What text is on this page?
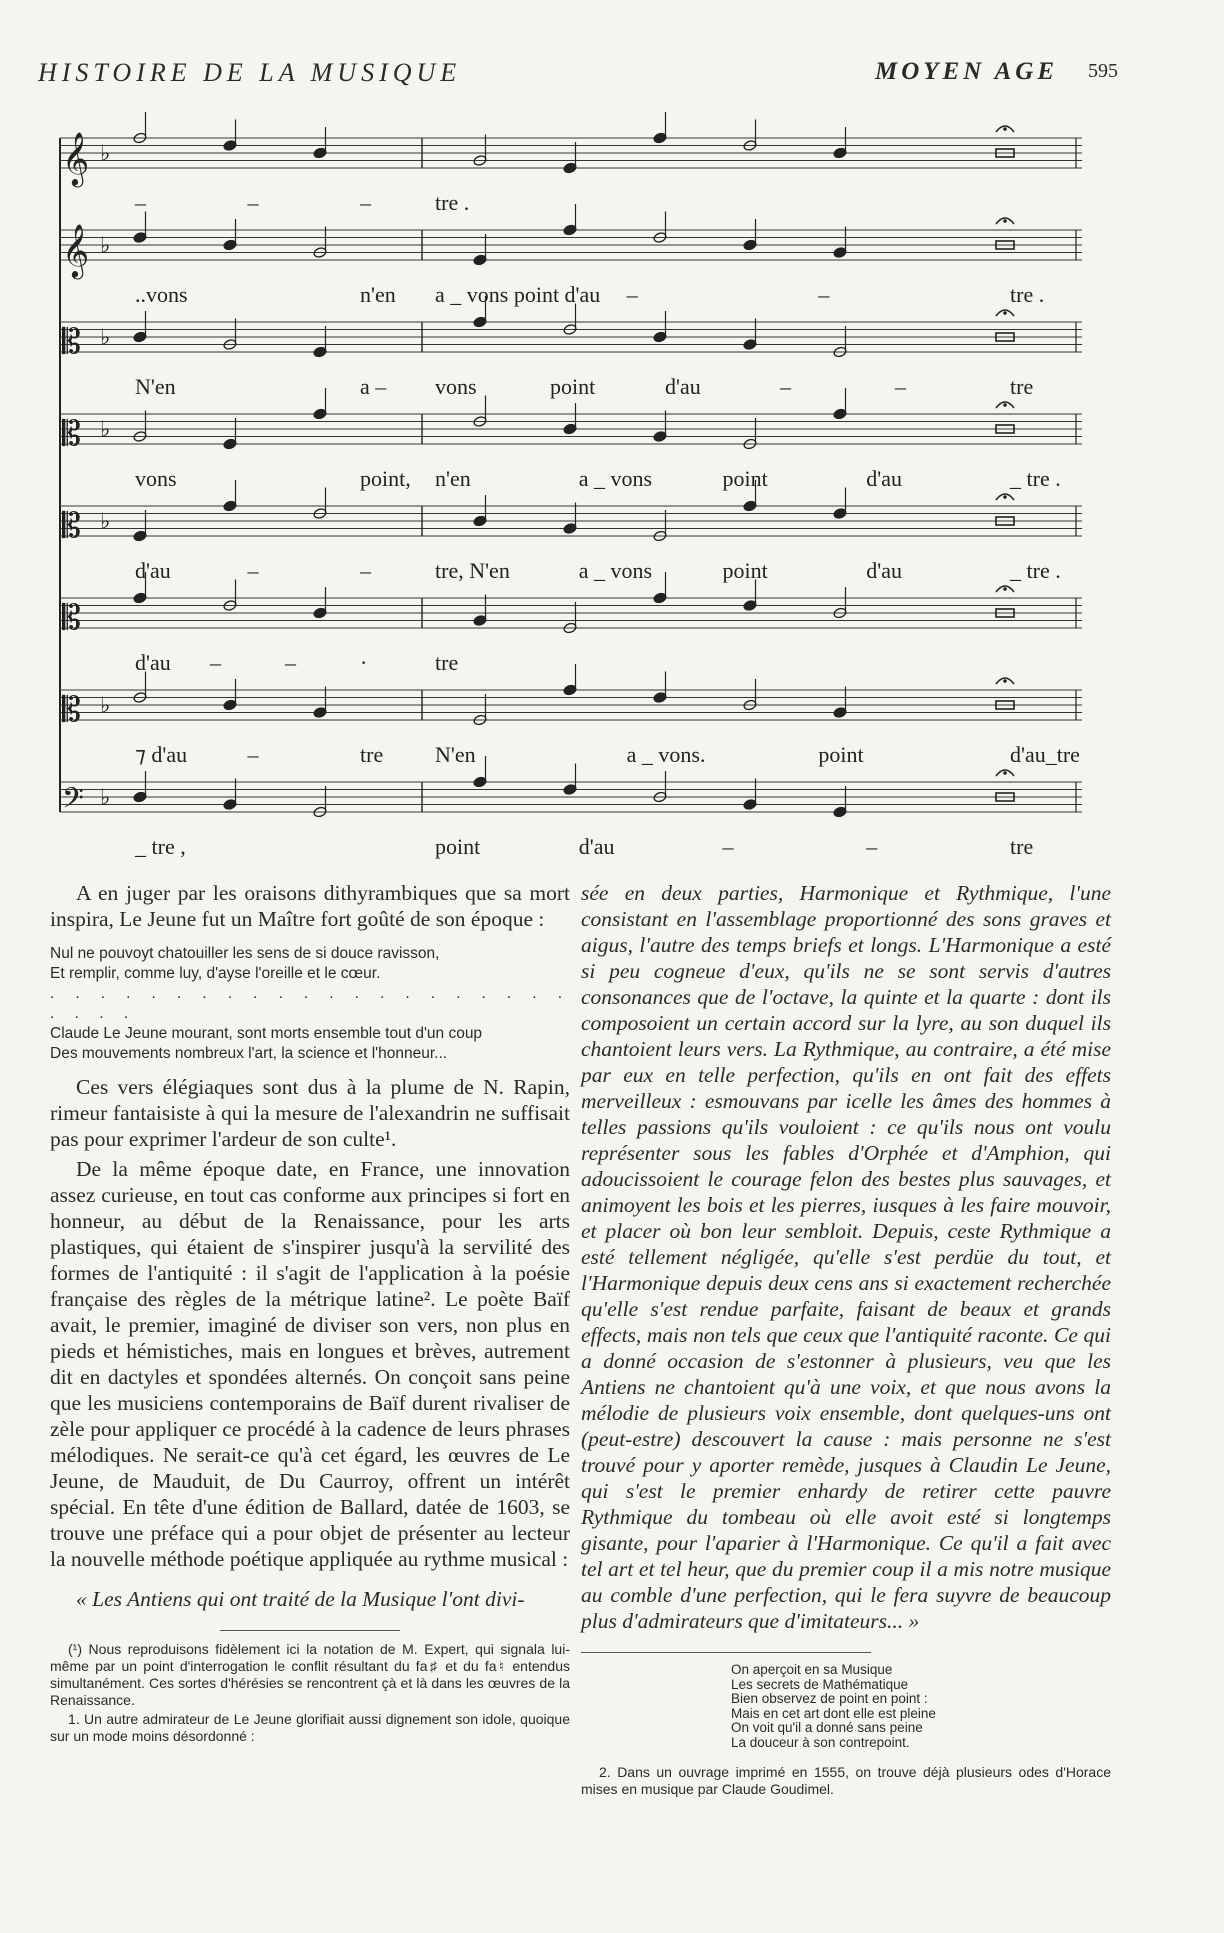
HISTOIRE DE LA MUSIQUE	MOYEN AGE 595
𝄞 ♭
–	–	–	tre .
𝄞 ♭
..vons	n'en a _ vons point d'au –	–	tre .
𝄡 ♭
N'en	a – vons	point	d'au	–	–	tre
𝄡 ♭
vons	point, n'en	a _ vons	point	d'au	_ tre .
𝄡 ♭
d'au	–	–	tre, N'en	a _ vons	point	d'au	_ tre .
𝄡
d'au –	–	·	tre
𝄡 ♭
⁊ d'au	–	tre N'en	a _ vons.	point	d'au_tre
𝄢 ♭
_ tre ,	point	d'au	–	–	tre

A en juger par les oraisons dithyrambiques que sa mort inspira, Le Jeune fut un Maître fort goûté de son époque :

Nul ne pouvoyt chatouiller les sens de si douce ravisson,
Et remplir, comme luy, d'ayse l'oreille et le cœur.
. . . . . . . . . . . . . . . . . . . . . . . . .
Claude Le Jeune mourant, sont morts ensemble tout d'un coup
Des mouvements nombreux l'art, la science et l'honneur...

Ces vers élégiaques sont dus à la plume de N. Rapin, rimeur fantaisiste à qui la mesure de l'alexandrin ne suffisait pas pour exprimer l'ardeur de son culte¹.

De la même époque date, en France, une innovation assez curieuse, en tout cas conforme aux principes si fort en honneur, au début de la Renaissance, pour les arts plastiques, qui étaient de s'inspirer jusqu'à la servilité des formes de l'antiquité : il s'agit de l'application à la poésie française des règles de la métrique latine². Le poète Baïf avait, le premier, imaginé de diviser son vers, non plus en pieds et hémistiches, mais en longues et brèves, autrement dit en dactyles et spondées alternés. On conçoit sans peine que les musiciens contemporains de Baïf durent rivaliser de zèle pour appliquer ce procédé à la cadence de leurs phrases mélodiques. Ne serait-ce qu'à cet égard, les œuvres de Le Jeune, de Mauduit, de Du Caurroy, offrent un intérêt spécial. En tête d'une édition de Ballard, datée de 1603, se trouve une préface qui a pour objet de présenter au lecteur la nouvelle méthode poétique appliquée au rythme musical :

« Les Antiens qui ont traité de la Musique l'ont divi-

(¹) Nous reproduisons fidèlement ici la notation de M. Expert, qui signala lui-même par un point d'interrogation le conflit résultant du fa♯ et du fa♮ entendus simultanément. Ces sortes d'hérésies se rencontrent çà et là dans les œuvres de la Renaissance.

1. Un autre admirateur de Le Jeune glorifiait aussi dignement son idole, quoique sur un mode moins désordonné :

sée en deux parties, Harmonique et Rythmique, l'une consistant en l'assemblage proportionné des sons graves et aigus, l'autre des temps briefs et longs. L'Harmonique a esté si peu cogneue d'eux, qu'ils ne se sont servis d'autres consonances que de l'octave, la quinte et la quarte : dont ils composoient un certain accord sur la lyre, au son duquel ils chantoient leurs vers. La Rythmique, au contraire, a été mise par eux en telle perfection, qu'ils en ont fait des effets merveilleux : esmouvans par icelle les âmes des hommes à telles passions qu'ils vouloient : ce qu'ils nous ont voulu représenter sous les fables d'Orphée et d'Amphion, qui adoucissoient le courage felon des bestes plus sauvages, et animoyent les bois et les pierres, iusques à les faire mouvoir, et placer où bon leur sembloit. Depuis, ceste Rythmique a esté tellement négligée, qu'elle s'est perdüe du tout, et l'Harmonique depuis deux cens ans si exactement recherchée qu'elle s'est rendue parfaite, faisant de beaux et grands effects, mais non tels que ceux que l'antiquité raconte. Ce qui a donné occasion de s'estonner à plusieurs, veu que les Antiens ne chantoient qu'à une voix, et que nous avons la mélodie de plusieurs voix ensemble, dont quelques-uns ont (peut-estre) descouvert la cause : mais personne ne s'est trouvé pour y aporter remède, jusques à Claudin Le Jeune, qui s'est le premier enhardy de retirer cette pauvre Rythmique du tombeau où elle avoit esté si longtemps gisante, pour l'aparier à l'Harmonique. Ce qu'il a fait avec tel art et tel heur, que du premier coup il a mis notre musique au comble d'une perfection, qui le fera suyvre de beaucoup plus d'admirateurs que d'imitateurs... »

On aperçoit en sa Musique
Les secrets de Mathématique
Bien observez de point en point :
Mais en cet art dont elle est pleine
On voit qu'il a donné sans peine
La douceur à son contrepoint.

2. Dans un ouvrage imprimé en 1555, on trouve déjà plusieurs odes d'Horace mises en musique par Claude Goudimel.
